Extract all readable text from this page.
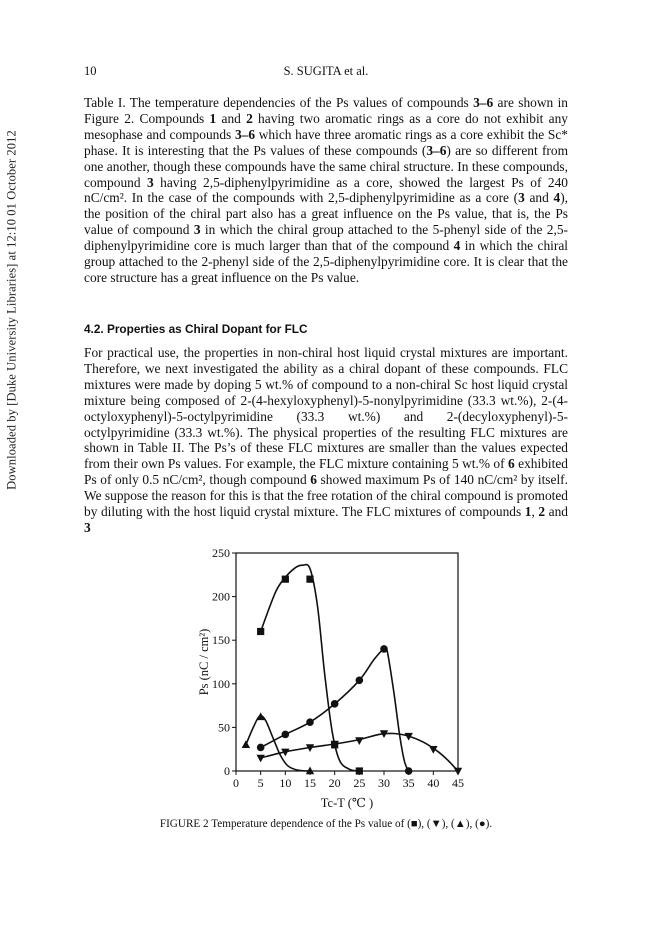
Downloaded by [Duke University Libraries] at 12:10 01 October 2012
10	S. SUGITA et al.

Table I. The temperature dependencies of the Ps values of compounds 3–6 are shown in Figure 2. Compounds 1 and 2 having two aromatic rings as a core do not exhibit any mesophase and compounds 3–6 which have three aromatic rings as a core exhibit the Sc* phase. It is interesting that the Ps values of these compounds (3–6) are so different from one another, though these compounds have the same chiral structure. In these compounds, compound 3 having 2,5-diphenylpyrimidine as a core, showed the largest Ps of 240 nC/cm². In the case of the compounds with 2,5-diphenylpyrimidine as a core (3 and 4), the position of the chiral part also has a great influence on the Ps value, that is, the Ps value of compound 3 in which the chiral group attached to the 5-phenyl side of the 2,5-diphenylpyrimidine core is much larger than that of the compound 4 in which the chiral group attached to the 2-phenyl side of the 2,5-diphenylpyrimidine core. It is clear that the core structure has a great influence on the Ps value.

4.2. Properties as Chiral Dopant for FLC

For practical use, the properties in non-chiral host liquid crystal mixtures are important. Therefore, we next investigated the ability as a chiral dopant of these compounds. FLC mixtures were made by doping 5 wt.% of compound to a non-chiral Sc host liquid crystal mixture being composed of 2-(4-hexyloxyphenyl)-5-nonylpyrimidine (33.3 wt.%), 2-(4-octyloxyphenyl)-5-octylpyrimidine (33.3 wt.%) and 2-(decyloxyphenyl)-5-octylpyrimidine (33.3 wt.%). The physical properties of the resulting FLC mixtures are shown in Table II. The Ps’s of these FLC mixtures are smaller than the values expected from their own Ps values. For example, the FLC mixture containing 5 wt.% of 6 exhibited Ps of only 0.5 nC/cm², though compound 6 showed maximum Ps of 140 nC/cm² by itself. We suppose the reason for this is that the free rotation of the chiral compound is promoted by diluting with the host liquid crystal mixture. The FLC mixtures of compounds 1, 2 and 3

0 5 10 15 20 25 30 35 40 45
0
50
100
150
200
250
Tc-T (℃ )
Ps (nC / cm²)
FIGURE 2 Temperature dependence of the Ps value of (■), (▼), (▲), (●).
